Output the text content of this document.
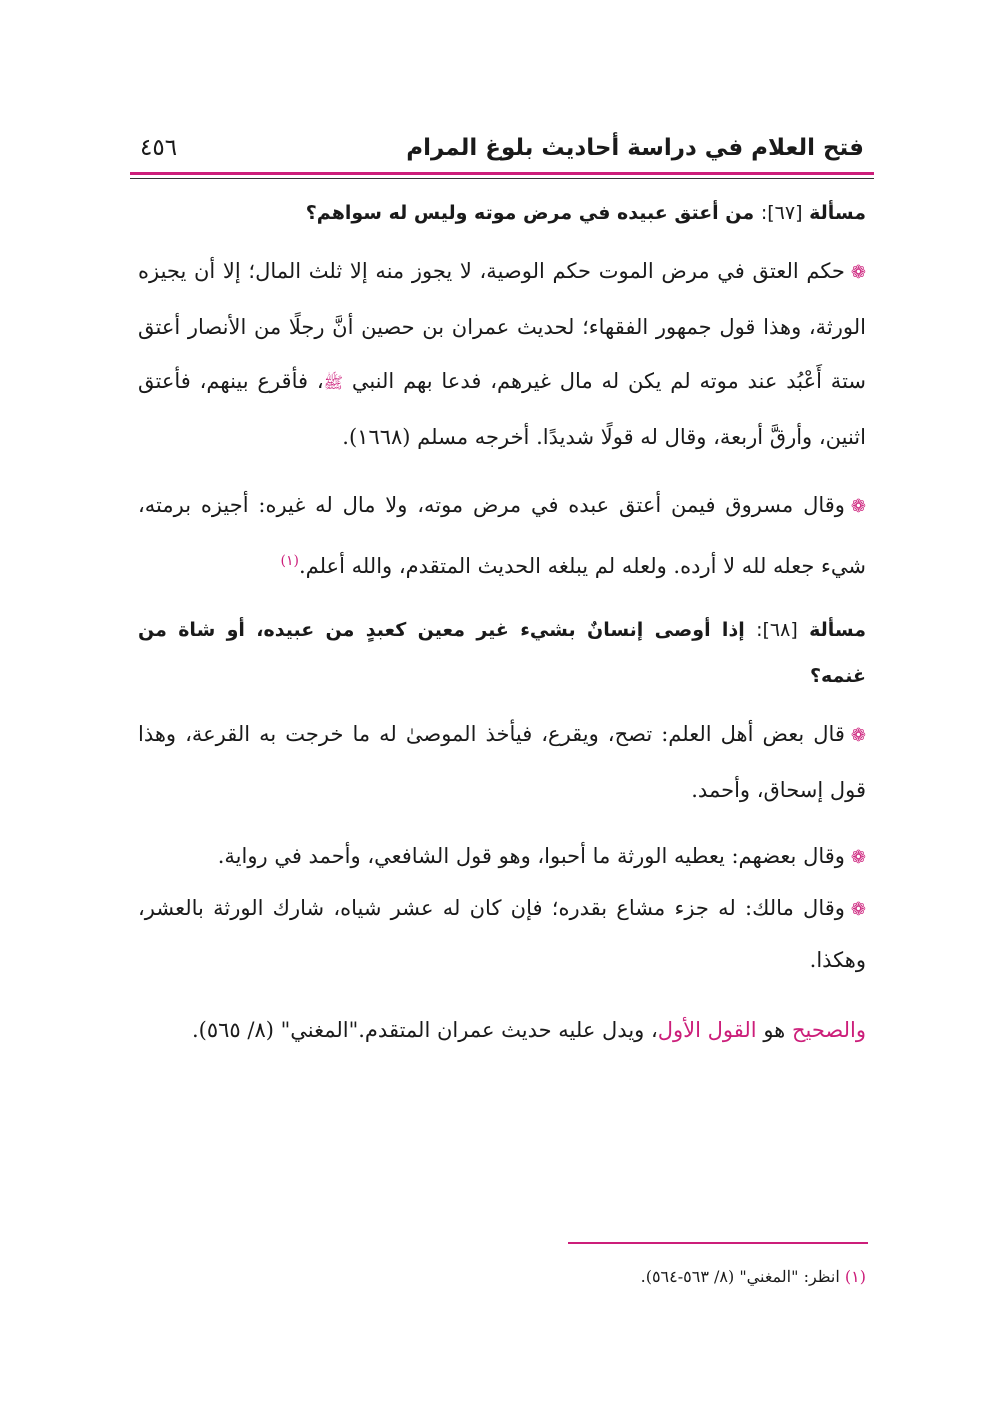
فتح العلام في دراسة أحاديث بلوغ المرام
٤٥٦
مسألة [٦٧]: من أعتق عبيده في مرض موته وليس له سواهم؟

❁حكم العتق في مرض الموت حكم الوصية، لا يجوز منه إلا ثلث المال؛ إلا أن يجيزه الورثة، وهذا قول جمهور الفقهاء؛ لحديث عمران بن حصين أنَّ رجلًا من الأنصار أعتق ستة أَعْبُد عند موته لم يكن له مال غيرهم، فدعا بهم النبي ﷺ، فأقرع بينهم، فأعتق اثنين، وأرقَّ أربعة، وقال له قولًا شديدًا. أخرجه مسلم (١٦٦٨).

❁وقال مسروق فيمن أعتق عبده في مرض موته، ولا مال له غيره: أجيزه برمته، شيء جعله لله لا أرده. ولعله لم يبلغه الحديث المتقدم، والله أعلم.$^{(١)}$

مسألة [٦٨]: إذا أوصى إنسانٌ بشيء غير معين كعبدٍ من عبيده، أو شاة من غنمه؟

❁قال بعض أهل العلم: تصح، ويقرع، فيأخذ الموصىٰ له ما خرجت به القرعة، وهذا قول إسحاق، وأحمد.

❁وقال بعضهم: يعطيه الورثة ما أحبوا، وهو قول الشافعي، وأحمد في رواية.

❁وقال مالك: له جزء مشاع بقدره؛ فإن كان له عشر شياه، شارك الورثة بالعشر، وهكذا.

والصحيح هو القول الأول، ويدل عليه حديث عمران المتقدم."المغني" (٨/ ٥٦٥).

(١) انظر: "المغني" (٨/ ٥٦٣-٥٦٤).
